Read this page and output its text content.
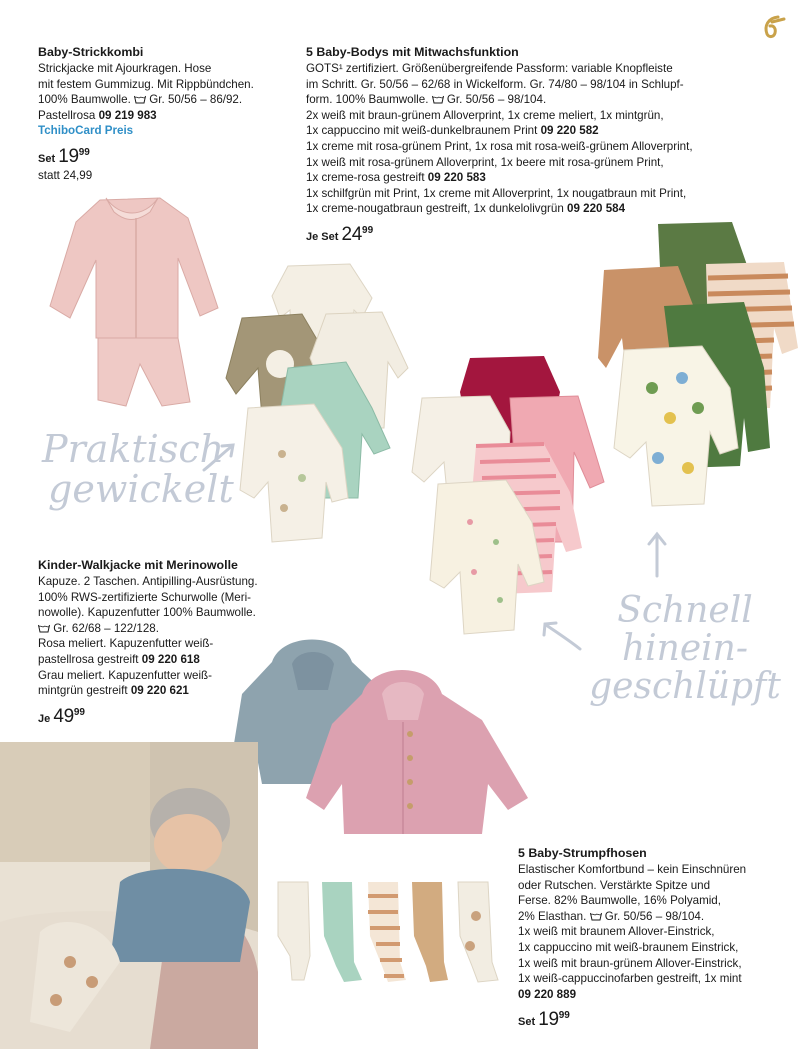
Baby-Strickkombi

Strickjacke mit Ajourkragen. Hose

mit festem Gummizug. Mit Rippbündchen.

100% Baumwolle. Gr. 50/56 – 86/92.

Pastellrosa 09 219 983

TchiboCard Preis

Set 1999

statt 24,99

5 Baby-Bodys mit Mitwachsfunktion

GOTS¹ zertifiziert. Größenübergreifende Passform: variable Knopfleiste

im Schritt. Gr. 50/56 – 62/68 in Wickelform. Gr. 74/80 – 98/104 in Schlupf-

form. 100% Baumwolle. Gr. 50/56 – 98/104.

2x weiß mit braun-grünem Alloverprint, 1x creme meliert, 1x mintgrün,

1x cappuccino mit weiß-dunkelbraunem Print 09 220 582

1x creme mit rosa-grünem Print, 1x rosa mit rosa-weiß-grünem Alloverprint,

1x weiß mit rosa-grünem Alloverprint, 1x beere mit rosa-grünem Print,

1x creme-rosa gestreift 09 220 583

1x schilfgrün mit Print, 1x creme mit Alloverprint, 1x nougatbraun mit Print,

1x creme-nougatbraun gestreift, 1x dunkelolivgrün 09 220 584

Je Set 2499
Kinder-Walkjacke mit Merinowolle

Kapuze. 2 Taschen. Antipilling-Ausrüstung.

100% RWS-zertifizierte Schurwolle (Meri-

nowolle). Kapuzenfutter 100% Baumwolle.

Gr. 62/68 – 122/128.

Rosa meliert. Kapuzenfutter weiß-

pastellrosa gestreift 09 220 618

Grau meliert. Kapuzenfutter weiß-

mintgrün gestreift 09 220 621

Je 4999
5 Baby-Strumpfhosen

Elastischer Komfortbund – kein Einschnüren

oder Rutschen. Verstärkte Spitze und

Ferse. 82% Baumwolle, 16% Polyamid,

2% Elasthan. Gr. 50/56 – 98/104.

1x weiß mit braunem Allover-Einstrick,

1x cappuccino mit weiß-braunem Einstrick,

1x weiß mit braun-grünem Allover-Einstrick,

1x weiß-cappuccinofarben gestreift, 1x mint

09 220 889

Set 1999
Praktisch
gewickelt
Schnell
hinein-
geschlüpft
